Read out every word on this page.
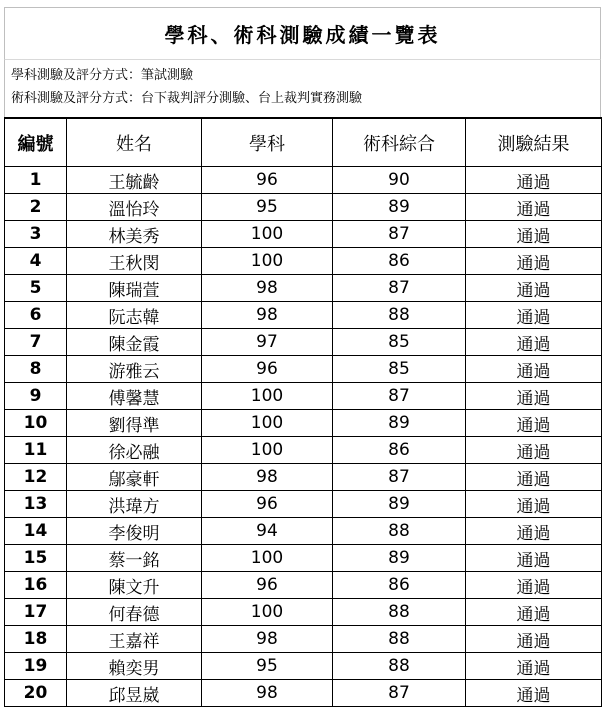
學科、術科測驗成績一覽表
學科測驗及評分方式：筆試測驗
術科測驗及評分方式：台下裁判評分測驗、台上裁判實務測驗
編號	姓名	學科	術科綜合	測驗結果
1	王毓齡	96	90	通過
2	溫怡玲	95	89	通過
3	林美秀	100	87	通過
4	王秋閔	100	86	通過
5	陳瑞萱	98	87	通過
6	阮志韓	98	88	通過
7	陳金霞	97	85	通過
8	游雅云	96	85	通過
9	傅馨慧	100	87	通過
10	劉得準	100	89	通過
11	徐必融	100	86	通過
12	鄔豪軒	98	87	通過
13	洪瑋方	96	89	通過
14	李俊明	94	88	通過
15	蔡一銘	100	89	通過
16	陳文升	96	86	通過
17	何春德	100	88	通過
18	王嘉祥	98	88	通過
19	賴奕男	95	88	通過
20	邱昱崴	98	87	通過
